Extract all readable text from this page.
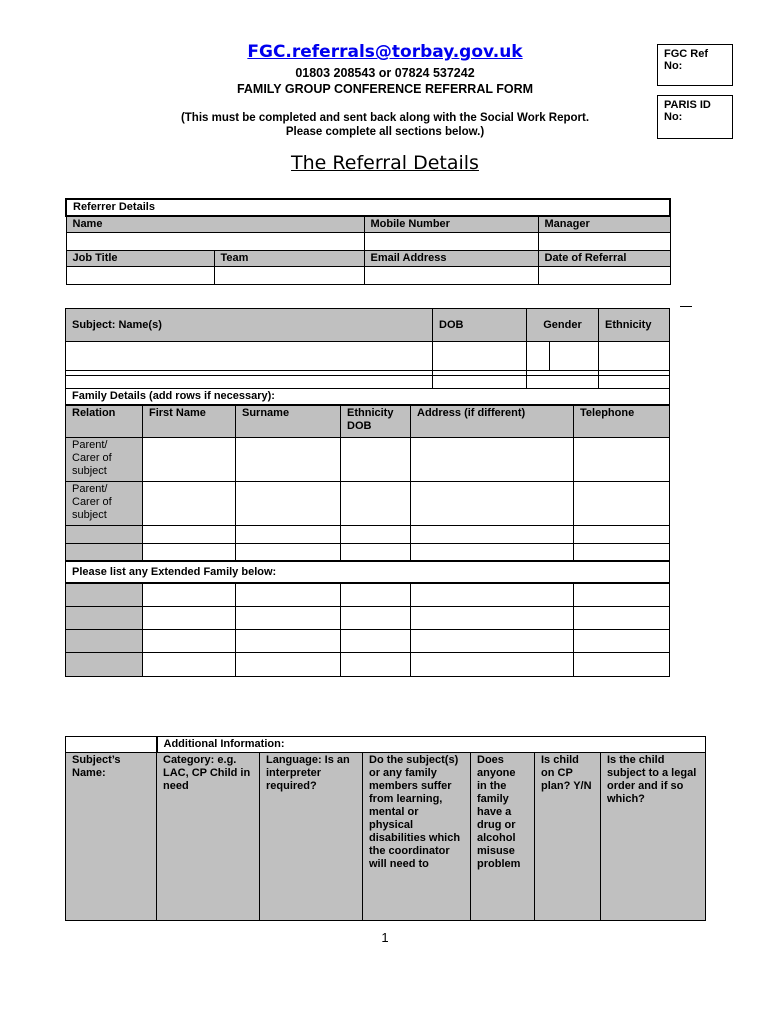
FGC.referrals@torbay.gov.uk
01803 208543 or 07824 537242
FAMILY GROUP CONFERENCE REFERRAL FORM
(This must be completed and sent back along with the Social Work Report.
Please complete all sections below.)
FGC Ref No:
PARIS ID No:
The Referral Details
Referrer Details			
Name		Mobile Number	Manager

Job Title	Team	Email Address	Date of Referral

Subject: Name(s)	DOB	Gender	Ethnicity

Family Details (add rows if necessary):					
Relation	First Name	Surname	Ethnicity DOB	Address (if different)	Telephone
Parent/ Carer of subject					
Parent/ Carer of subject					

Please list any Extended Family below:					

	Additional Information:					
Subject’s Name:	Category: e.g. LAC, CP Child in need	Language: Is an interpreter required?	Do the subject(s) or any family members suffer from learning, mental or physical disabilities which the coordinator will need to	Does anyone in the family have a drug or alcohol misuse problem	Is child on CP plan? Y/N	Is the child subject to a legal order and if so which?
1
